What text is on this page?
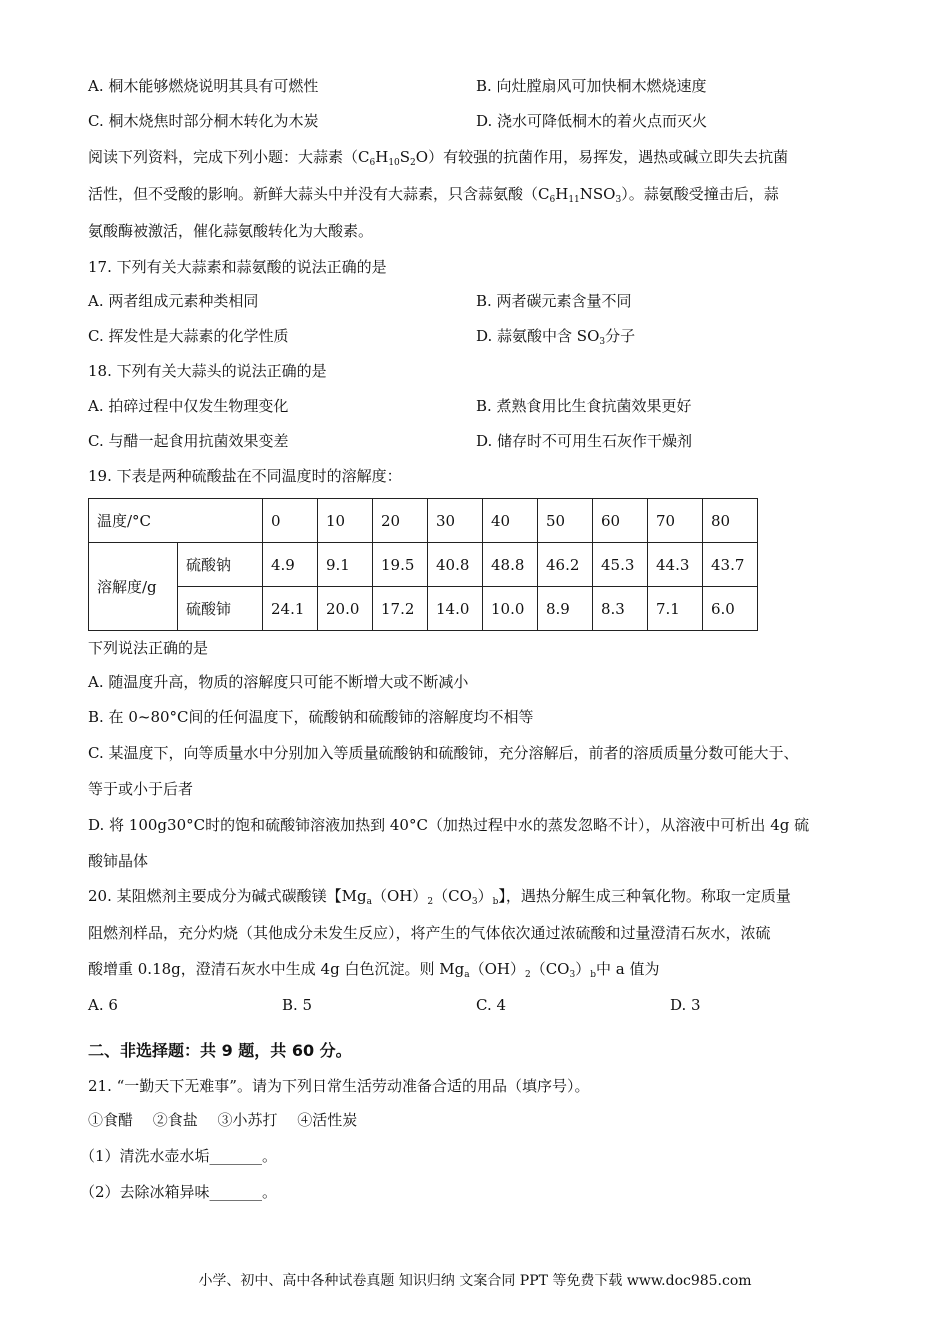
A. 桐木能够燃烧说明其具有可燃性	B. 向灶膛扇风可加快桐木燃烧速度
C. 桐木烧焦时部分桐木转化为木炭	D. 浇水可降低桐木的着火点而灭火
阅读下列资料，完成下列小题：大蒜素$(C_6H_{10}S_2O)$有较强的抗菌作用，易挥发，遇热或碱立即失去抗菌
活性，但不受酸的影响。新鲜大蒜头中并没有大蒜素，只含蒜氨酸$(C_6H_{11}NSO_3)$。蒜氨酸受撞击后，蒜
氨酸酶被激活，催化蒜氨酸转化为大酸素。
17. 下列有关大蒜素和蒜氨酸的说法正确的是
A. 两者组成元素种类相同	B. 两者碳元素含量不同
C. 挥发性是大蒜素的化学性质	D. 蒜氨酸中含 $SO_3$分子
18. 下列有关大蒜头的说法正确的是
A. 拍碎过程中仅发生物理变化	B. 煮熟食用比生食抗菌效果更好
C. 与醋一起食用抗菌效果变差	D. 储存时不可用生石灰作干燥剂
19. 下表是两种硫酸盐在不同温度时的溶解度：
温度/°C		0	10	20	30	40	50	60	70	80
溶解度/g	硫酸钠	4.9	9.1	19.5	40.8	48.8	46.2	45.3	44.3	43.7
	硫酸铈	24.1	20.0	17.2	14.0	10.0	8.9	8.3	7.1	6.0
下列说法正确的是
A. 随温度升高，物质的溶解度只可能不断增大或不断减小
B. 在 0~80°C间的任何温度下，硫酸钠和硫酸铈的溶解度均不相等
C. 某温度下，向等质量水中分别加入等质量硫酸钠和硫酸铈，充分溶解后，前者的溶质质量分数可能大于、
等于或小于后者
D. 将 100g30°C时的饱和硫酸铈溶液加热到 40°C（加热过程中水的蒸发忽略不计），从溶液中可析出 4g 硫
酸铈晶体
20. 某阻燃剂主要成分为碱式碳酸镁【$Mg_a(OH)_2(CO_3)_b$】，遇热分解生成三种氧化物。称取一定质量
阻燃剂样品，充分灼烧（其他成分未发生反应），将产生的气体依次通过浓硫酸和过量澄清石灰水，浓硫
酸增重 0.18g，澄清石灰水中生成 4g 白色沉淀。则 $Mg_a(OH)_2(CO_3)_b$中 a 值为
A. 6	B. 5	C. 4	D. 3
二、非选择题：共 9 题，共 60 分。
21. “一勤天下无难事”。请为下列日常生活劳动准备合适的用品（填序号）。
①食醋　 ②食盐　 ③小苏打　 ④活性炭
（1）清洗水壶水垢_______。
（2）去除冰箱异味_______。
小学、初中、高中各种试卷真题 知识归纳 文案合同 PPT 等免费下载 www.doc985.com
